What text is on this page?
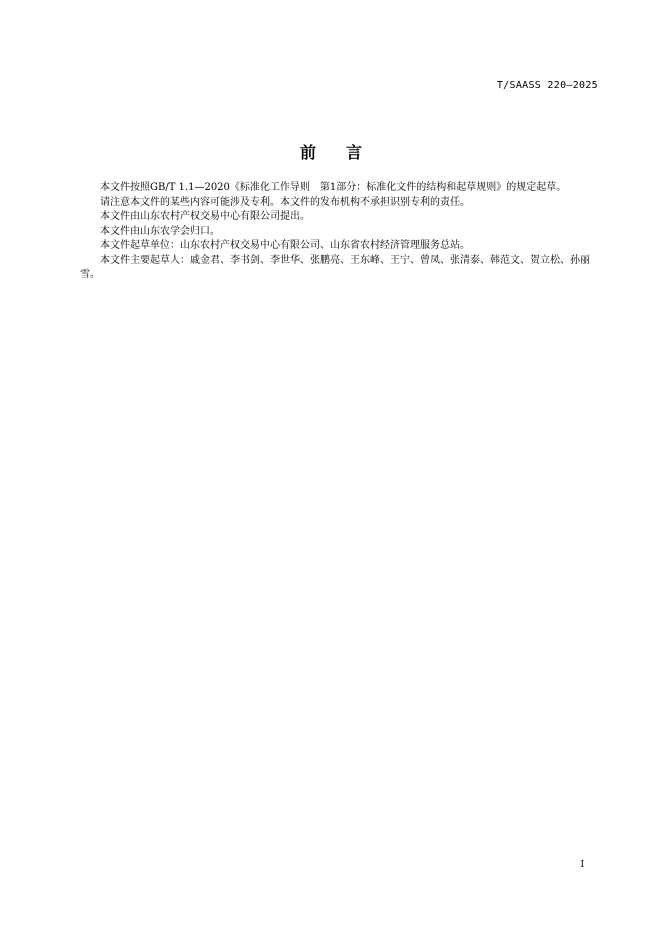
T/SAASS 220—2025
前言

本文件按照GB/T 1.1—2020《标准化工作导则　第1部分：标准化文件的结构和起草规则》的规定起草。

请注意本文件的某些内容可能涉及专利。本文件的发布机构不承担识别专利的责任。

本文件由山东农村产权交易中心有限公司提出。

本文件由山东农学会归口。

本文件起草单位：山东农村产权交易中心有限公司、山东省农村经济管理服务总站。

本文件主要起草人：戚金君、李书剑、李世华、张鹏亮、王东峰、王宁、曾凤、张清泰、韩范文、贺立松、孙丽雪。

I
